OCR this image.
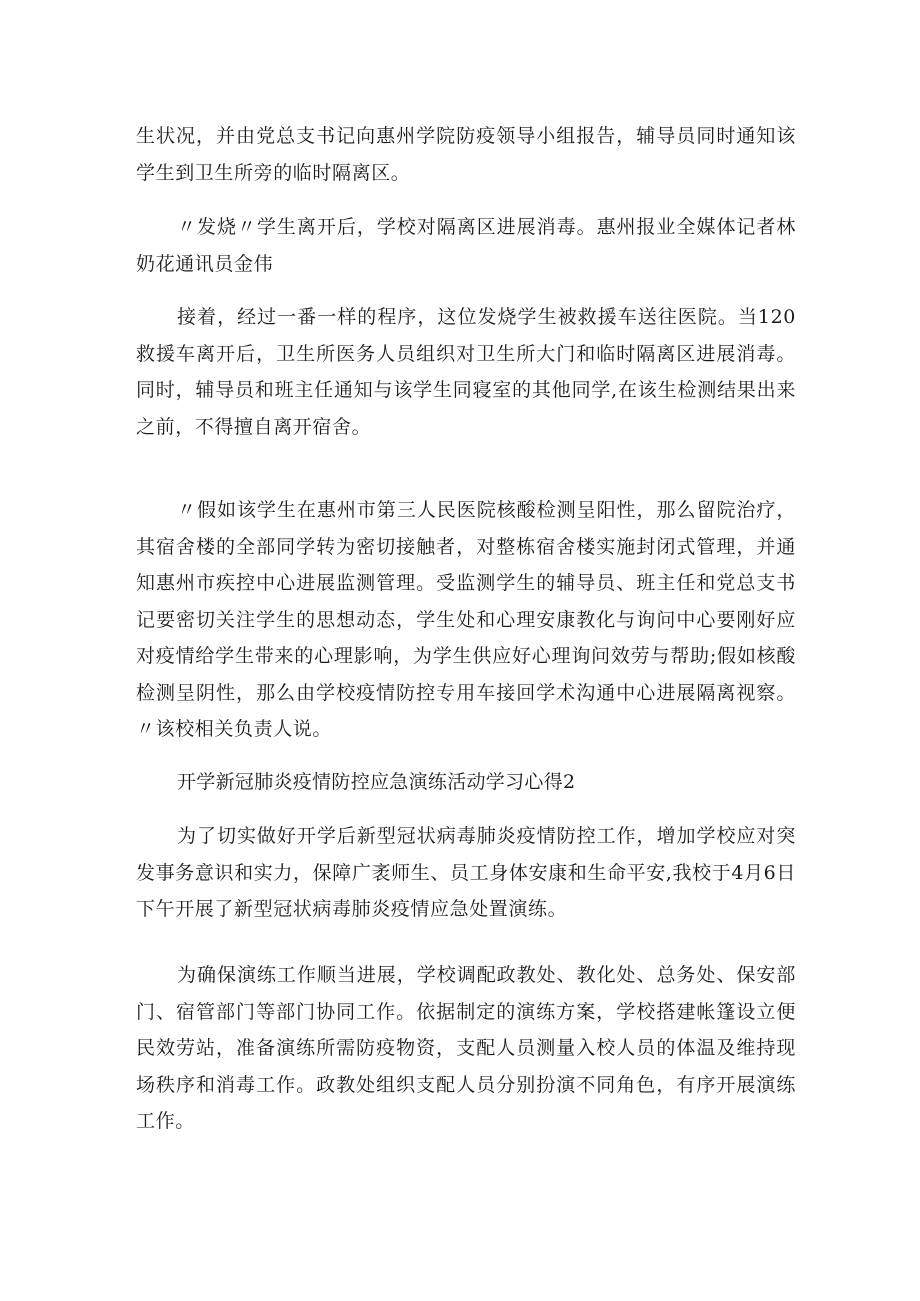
生状况，并由党总支书记向惠州学院防疫领导小组报告，辅导员同时通知该学生到卫生所旁的临时隔离区。

〃发烧〃学生离开后，学校对隔离区进展消毒。惠州报业全媒体记者林奶花通讯员金伟

接着，经过一番一样的程序，这位发烧学生被救援车送往医院。当120救援车离开后，卫生所医务人员组织对卫生所大门和临时隔离区进展消毒。同时，辅导员和班主任通知与该学生同寝室的其他同学,在该生检测结果出来之前，不得擅自离开宿舍。

〃假如该学生在惠州市第三人民医院核酸检测呈阳性，那么留院治疗，其宿舍楼的全部同学转为密切接触者，对整栋宿舍楼实施封闭式管理，并通知惠州市疾控中心进展监测管理。受监测学生的辅导员、班主任和党总支书记要密切关注学生的思想动态，学生处和心理安康教化与询问中心要刚好应对疫情给学生带来的心理影响，为学生供应好心理询问效劳与帮助;假如核酸检测呈阴性，那么由学校疫情防控专用车接回学术沟通中心进展隔离视察。〃该校相关负责人说。

开学新冠肺炎疫情防控应急演练活动学习心得2

为了切实做好开学后新型冠状病毒肺炎疫情防控工作，增加学校应对突发事务意识和实力，保障广袤师生、员工身体安康和生命平安,我校于4月6日下午开展了新型冠状病毒肺炎疫情应急处置演练。

为确保演练工作顺当进展，学校调配政教处、教化处、总务处、保安部门、宿管部门等部门协同工作。依据制定的演练方案，学校搭建帐篷设立便民效劳站，准备演练所需防疫物资，支配人员测量入校人员的体温及维持现场秩序和消毒工作。政教处组织支配人员分别扮演不同角色，有序开展演练工作。
